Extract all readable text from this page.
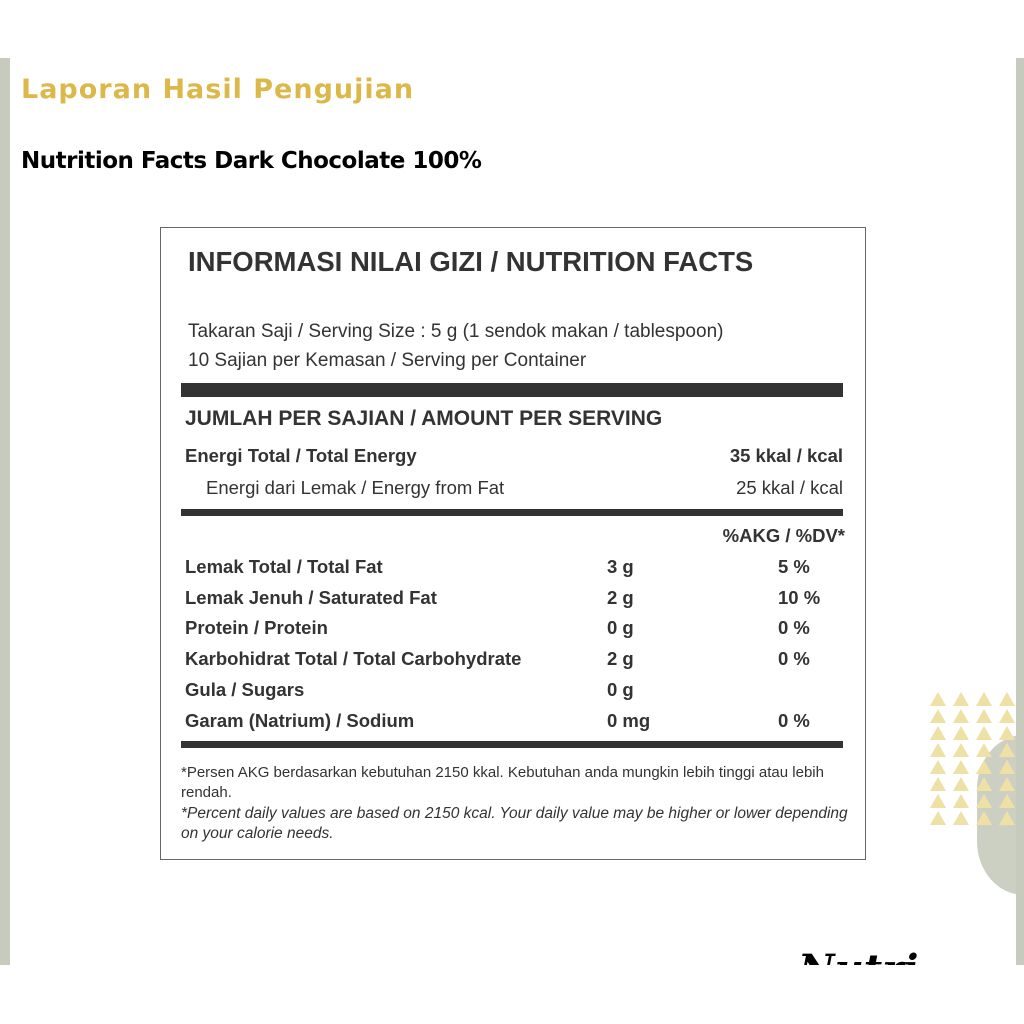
Laporan Hasil Pengujian
Nutrition Facts Dark Chocolate 100%
INFORMASI NILAI GIZI / NUTRITION FACTS
Takaran Saji / Serving Size : 5 g (1 sendok makan / tablespoon)
10 Sajian per Kemasan / Serving per Container
JUMLAH PER SAJIAN / AMOUNT PER SERVING
Energi Total / Total Energy	35 kkal / kcal
Energi dari Lemak / Energy from Fat	25 kkal / kcal
%AKG / %DV*
Lemak Total / Total Fat	3 g	5 %
Lemak Jenuh / Saturated Fat	2 g	10 %
Protein / Protein	0 g	0 %
Karbohidrat Total / Total Carbohydrate	2 g	0 %
Gula / Sugars	0 g
Garam (Natrium) / Sodium	0 mg	0 %
*Persen AKG berdasarkan kebutuhan 2150 kkal. Kebutuhan anda mungkin lebih tinggi atau lebih rendah.
*Percent daily values are based on 2150 kcal. Your daily value may be higher or lower depending on your calorie needs.
